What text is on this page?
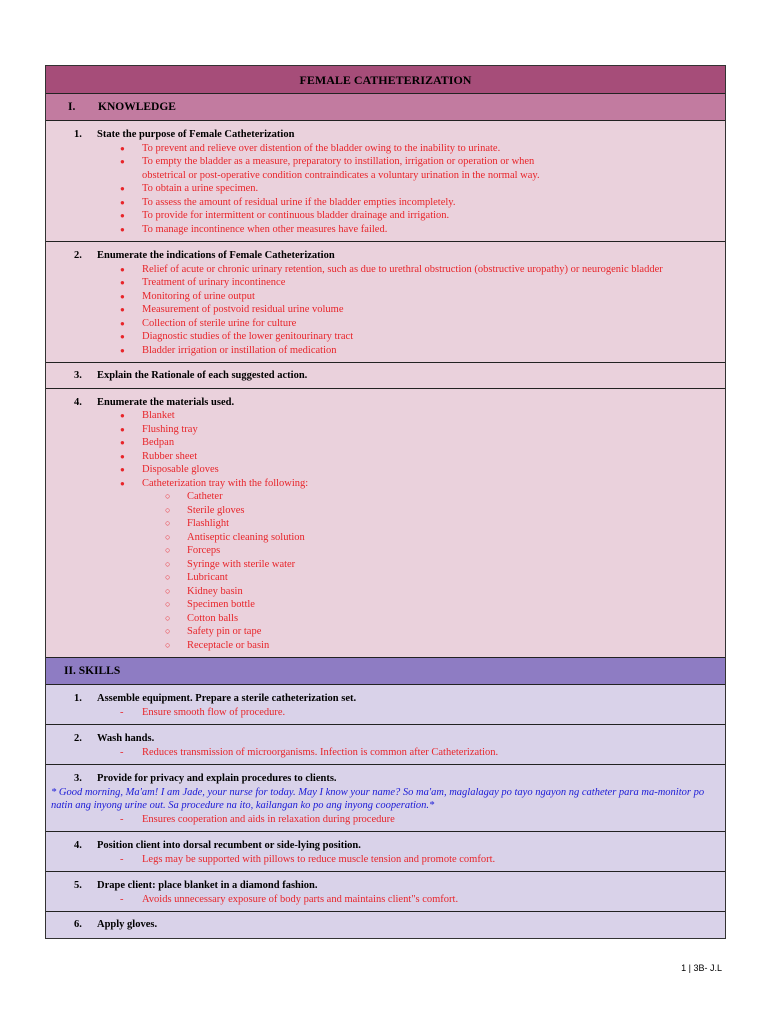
FEMALE CATHETERIZATION
I. KNOWLEDGE
1.	State the purpose of Female Catheterization
● To prevent and relieve over distention of the bladder owing to the inability to urinate.
● To empty the bladder as a measure, preparatory to instillation, irrigation or operation or when
obstetrical or post-operative condition contraindicates a voluntary urination in the normal way.
● To obtain a urine specimen.
● To assess the amount of residual urine if the bladder empties incompletely.
● To provide for intermittent or continuous bladder drainage and irrigation.
● To manage incontinence when other measures have failed.
2.	Enumerate the indications of Female Catheterization
● Relief of acute or chronic urinary retention, such as due to urethral obstruction (obstructive uropathy) or neurogenic bladder
● Treatment of urinary incontinence
● Monitoring of urine output
● Measurement of postvoid residual urine volume
● Collection of sterile urine for culture
● Diagnostic studies of the lower genitourinary tract
● Bladder irrigation or instillation of medication
3.	Explain the Rationale of each suggested action.
4.	Enumerate the materials used.
● Blanket
● Flushing tray
● Bedpan
● Rubber sheet
● Disposable gloves
● Catheterization tray with the following:
○ Catheter
○ Sterile gloves
○ Flashlight
○ Antiseptic cleaning solution
○ Forceps
○ Syringe with sterile water
○ Lubricant
○ Kidney basin
○ Specimen bottle
○ Cotton balls
○ Safety pin or tape
○ Receptacle or basin
II. SKILLS
1.	Assemble equipment. Prepare a sterile catheterization set.
- Ensure smooth flow of procedure.
2.	Wash hands.
- Reduces transmission of microorganisms. Infection is common after Catheterization.
3.	Provide for privacy and explain procedures to clients.
* Good morning, Ma'am! I am Jade, your nurse for today. May I know your name? So ma'am, maglalagay po tayo ngayon ng catheter para ma-monitor po natin ang inyong urine out. Sa procedure na ito, kailangan ko po ang inyong cooperation.*
- Ensures cooperation and aids in relaxation during procedure
4.	Position client into dorsal recumbent or side-lying position.
- Legs may be supported with pillows to reduce muscle tension and promote comfort.
5.	Drape client: place blanket in a diamond fashion.
- Avoids unnecessary exposure of body parts and maintains client"s comfort.
6.	Apply gloves.
1 | 3B- J.L
